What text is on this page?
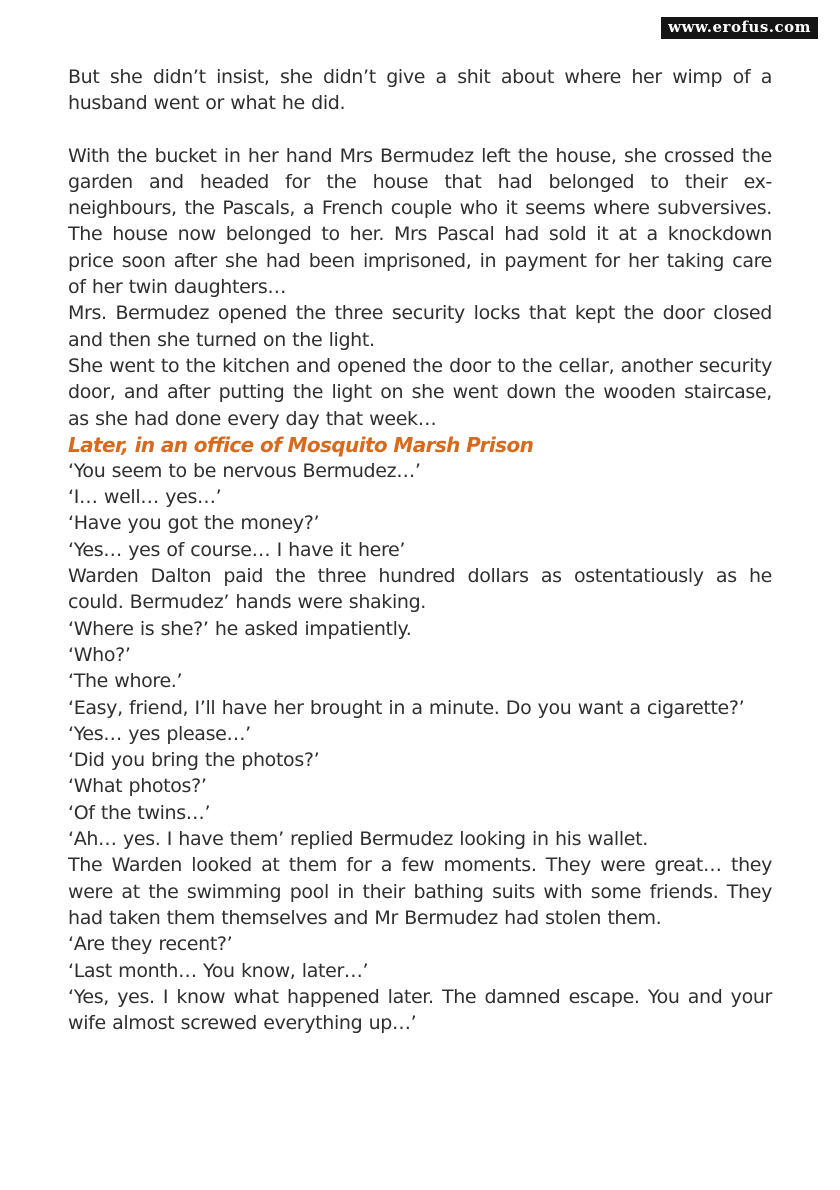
www.erofus.com

But she didn’t insist, she didn’t give a shit about where her wimp of a husband went or what he did.

With the bucket in her hand Mrs Bermudez left the house, she crossed the garden and headed for the house that had belonged to their ex-neighbours, the Pascals, a French couple who it seems where subversives. The house now belonged to her. Mrs Pascal had sold it at a knockdown price soon after she had been imprisoned, in payment for her taking care of her twin daughters…

Mrs. Bermudez opened the three security locks that kept the door closed and then she turned on the light.

She went to the kitchen and opened the door to the cellar, another security door, and after putting the light on she went down the wooden staircase, as she had done every day that week…

Later, in an office of Mosquito Marsh Prison

‘You seem to be nervous Bermudez…’

‘I… well… yes…’

‘Have you got the money?’

‘Yes… yes of course… I have it here’

Warden Dalton paid the three hundred dollars as ostentatiously as he could. Bermudez’ hands were shaking.

‘Where is she?’ he asked impatiently.

‘Who?’

‘The whore.’

‘Easy, friend, I’ll have her brought in a minute. Do you want a cigarette?’

‘Yes… yes please…’

‘Did you bring the photos?’

‘What photos?’

‘Of the twins…’

‘Ah… yes. I have them’ replied Bermudez looking in his wallet.

The Warden looked at them for a few moments. They were great… they were at the swimming pool in their bathing suits with some friends. They had taken them themselves and Mr Bermudez had stolen them.

‘Are they recent?’

‘Last month… You know, later…’

‘Yes, yes. I know what happened later. The damned escape. You and your wife almost screwed everything up…’
